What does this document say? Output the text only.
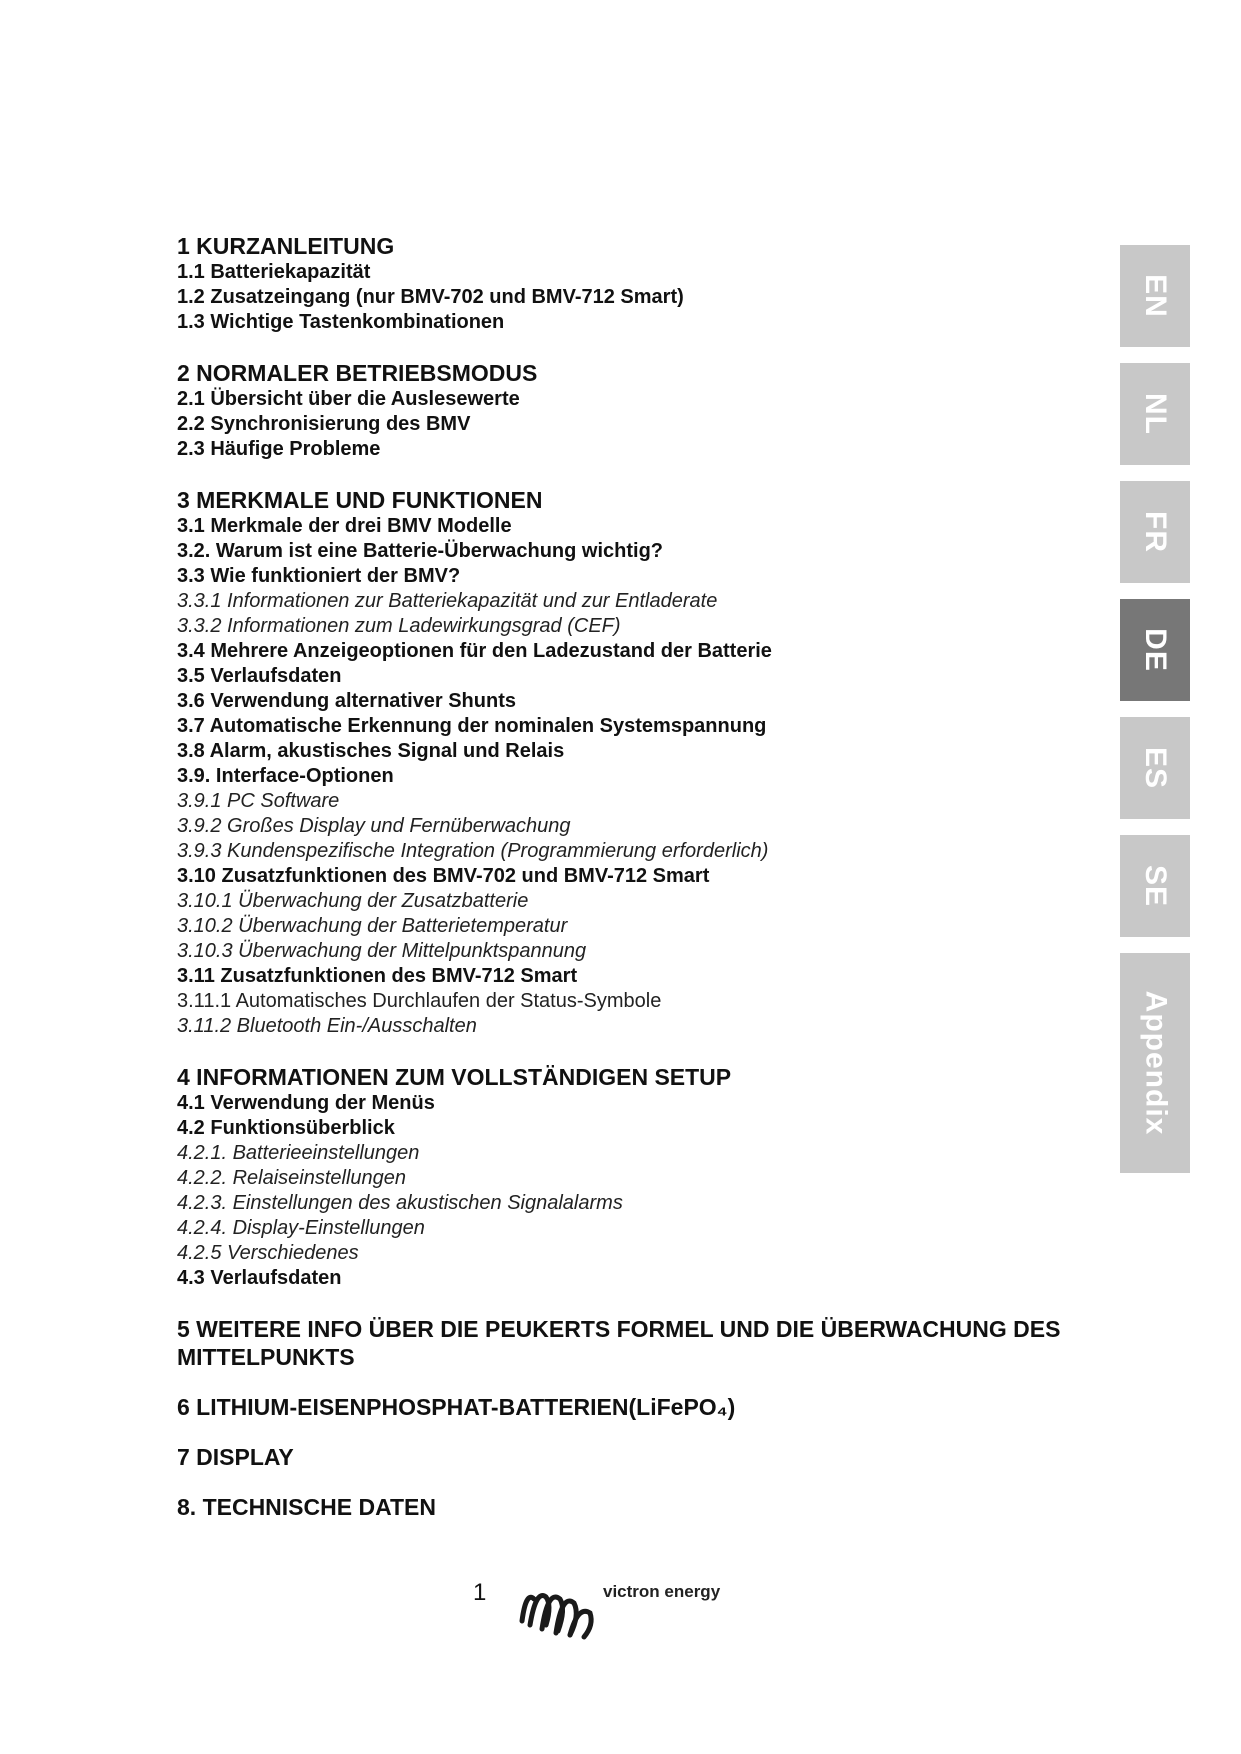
1 KURZANLEITUNG
1.1 Batteriekapazität
1.2 Zusatzeingang (nur BMV-702 und BMV-712 Smart)
1.3 Wichtige Tastenkombinationen
2 NORMALER BETRIEBSMODUS
2.1 Übersicht über die Auslesewerte
2.2 Synchronisierung des BMV
2.3 Häufige Probleme
3 MERKMALE UND FUNKTIONEN
3.1 Merkmale der drei BMV Modelle
3.2. Warum ist eine Batterie-Überwachung wichtig?
3.3 Wie funktioniert der BMV?
3.3.1 Informationen zur Batteriekapazität und zur Entladerate
3.3.2 Informationen zum Ladewirkungsgrad (CEF)
3.4 Mehrere Anzeigeoptionen für den Ladezustand der Batterie
3.5 Verlaufsdaten
3.6 Verwendung alternativer Shunts
3.7 Automatische Erkennung der nominalen Systemspannung
3.8 Alarm, akustisches Signal und Relais
3.9. Interface-Optionen
3.9.1 PC Software
3.9.2 Großes Display und Fernüberwachung
3.9.3 Kundenspezifische Integration (Programmierung erforderlich)
3.10 Zusatzfunktionen des BMV-702 und BMV-712 Smart
3.10.1 Überwachung der Zusatzbatterie
3.10.2 Überwachung der Batterietemperatur
3.10.3 Überwachung der Mittelpunktspannung
3.11 Zusatzfunktionen des BMV-712 Smart
3.11.1 Automatisches Durchlaufen der Status-Symbole
3.11.2 Bluetooth Ein-/Ausschalten
4 INFORMATIONEN ZUM VOLLSTÄNDIGEN SETUP
4.1 Verwendung der Menüs
4.2 Funktionsüberblick
4.2.1. Batterieeinstellungen
4.2.2. Relaiseinstellungen
4.2.3. Einstellungen des akustischen Signalalarms
4.2.4. Display-Einstellungen
4.2.5 Verschiedenes
4.3 Verlaufsdaten
5 WEITERE INFO ÜBER DIE PEUKERTS FORMEL UND DIE ÜBERWACHUNG DES MITTELPUNKTS
6 LITHIUM-EISENPHOSPHAT-BATTERIEN(LiFePO₄)
7 DISPLAY
8. TECHNISCHE DATEN
EN
NL
FR
DE
ES
SE
Appendix
1	victron energy
